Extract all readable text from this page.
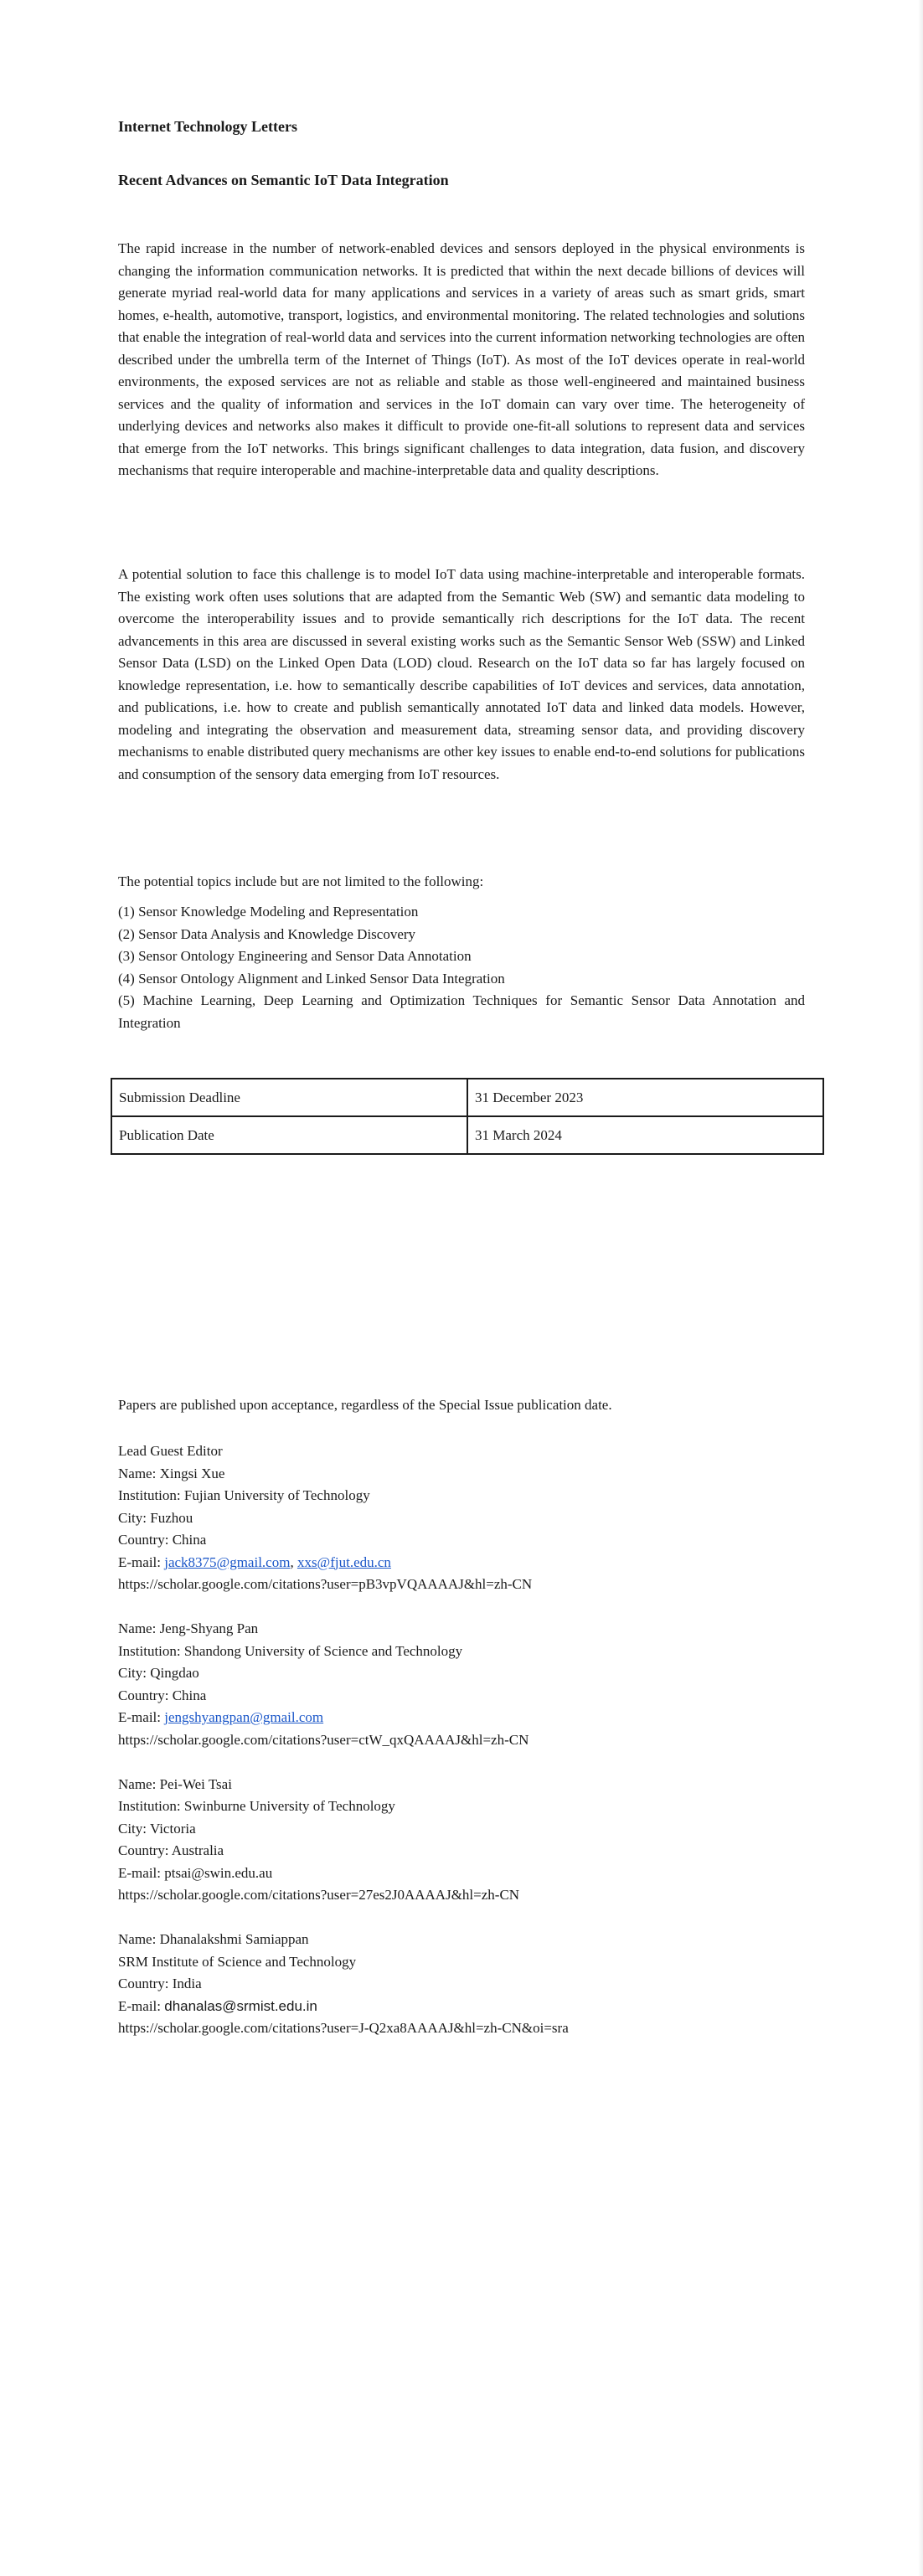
Internet Technology Letters
Recent Advances on Semantic IoT Data Integration

The rapid increase in the number of network-enabled devices and sensors deployed in the physical environments is changing the information communication networks. It is predicted that within the next decade billions of devices will generate myriad real-world data for many applications and services in a variety of areas such as smart grids, smart homes, e-health, automotive, transport, logistics, and environmental monitoring. The related technologies and solutions that enable the integration of real-world data and services into the current information networking technologies are often described under the umbrella term of the Internet of Things (IoT). As most of the IoT devices operate in real-world environments, the exposed services are not as reliable and stable as those well-engineered and maintained business services and the quality of information and services in the IoT domain can vary over time. The heterogeneity of underlying devices and networks also makes it difficult to provide one-fit-all solutions to represent data and services that emerge from the IoT networks. This brings significant challenges to data integration, data fusion, and discovery mechanisms that require interoperable and machine-interpretable data and quality descriptions.

A potential solution to face this challenge is to model IoT data using machine-interpretable and interoperable formats. The existing work often uses solutions that are adapted from the Semantic Web (SW) and semantic data modeling to overcome the interoperability issues and to provide semantically rich descriptions for the IoT data. The recent advancements in this area are discussed in several existing works such as the Semantic Sensor Web (SSW) and Linked Sensor Data (LSD) on the Linked Open Data (LOD) cloud. Research on the IoT data so far has largely focused on knowledge representation, i.e. how to semantically describe capabilities of IoT devices and services, data annotation, and publications, i.e. how to create and publish semantically annotated IoT data and linked data models. However, modeling and integrating the observation and measurement data, streaming sensor data, and providing discovery mechanisms to enable distributed query mechanisms are other key issues to enable end-to-end solutions for publications and consumption of the sensory data emerging from IoT resources.

The potential topics include but are not limited to the following:
(1) Sensor Knowledge Modeling and Representation
(2) Sensor Data Analysis and Knowledge Discovery
(3) Sensor Ontology Engineering and Sensor Data Annotation
(4) Sensor Ontology Alignment and Linked Sensor Data Integration
(5) Machine Learning, Deep Learning and Optimization Techniques for Semantic Sensor Data Annotation and Integration
Submission Deadline	31 December 2023
Publication Date	31 March 2024
Papers are published upon acceptance, regardless of the Special Issue publication date.
Lead Guest Editor
Name: Xingsi Xue
Institution: Fujian University of Technology
City: Fuzhou
Country: China
E-mail: jack8375@gmail.com, xxs@fjut.edu.cn
https://scholar.google.com/citations?user=pB3vpVQAAAAJ&hl=zh-CN
Name: Jeng-Shyang Pan
Institution: Shandong University of Science and Technology
City: Qingdao
Country: China
E-mail: jengshyangpan@gmail.com
https://scholar.google.com/citations?user=ctW_qxQAAAAJ&hl=zh-CN
Name: Pei-Wei Tsai
Institution: Swinburne University of Technology
City: Victoria
Country: Australia
E-mail: ptsai@swin.edu.au
https://scholar.google.com/citations?user=27es2J0AAAAJ&hl=zh-CN
Name: Dhanalakshmi Samiappan
SRM Institute of Science and Technology
Country: India
E-mail: dhanalas@srmist.edu.in
https://scholar.google.com/citations?user=J-Q2xa8AAAAJ&hl=zh-CN&oi=sra
